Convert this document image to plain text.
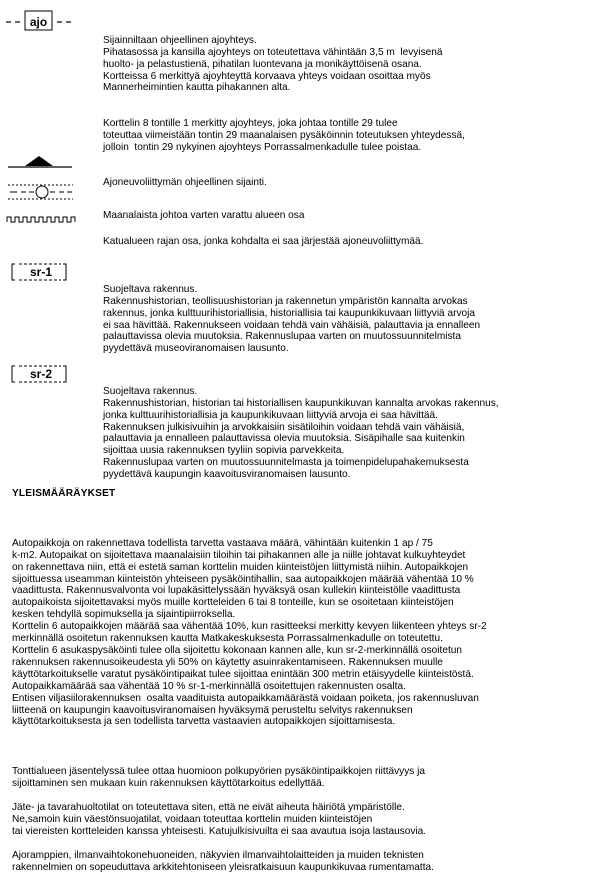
ajo
sr-1
sr-2

Sijainniltaan ohjeellinen ajoyhteys.
Pihatasossa ja kansilla ajoyhteys on toteutettava vähintään 3,5 m  levyisenä
huolto- ja pelastustienä, pihatilan luontevana ja monikäyttöisenä osana.
Kortteissa 6 merkittyä ajoyhteyttä korvaava yhteys voidaan osoittaa myös
Mannerheimintien kautta pihakannen alta.

Korttelin 8 tontille 1 merkitty ajoyhteys, joka johtaa tontille 29 tulee
toteuttaa viimeistään tontin 29 maanalaisen pysäköinnin toteutuksen yhteydessä,
jolloin  tontin 29 nykyinen ajoyhteys Porrassalmenkadulle tulee poistaa.

Ajoneuvoliittymän ohjeellinen sijainti.

Maanalaista johtoa varten varattu alueen osa

Katualueen rajan osa, jonka kohdalta ei saa järjestää ajoneuvoliittymää.

Suojeltava rakennus.
Rakennushistorian, teollisuushistorian ja rakennetun ympäristön kannalta arvokas
rakennus, jonka kulttuurihistoriallisia, historiallisia tai kaupunkikuvaan liittyviä arvoja
ei saa hävittää. Rakennukseen voidaan tehdä vain vähäisiä, palauttavia ja ennalleen
palauttavissa olevia muutoksia. Rakennuslupaa varten on muutossuunnitelmista
pyydettävä museoviranomaisen lausunto.

Suojeltava rakennus.
Rakennushistorian, historian tai historiallisen kaupunkikuvan kannalta arvokas rakennus,
jonka kulttuurihistoriallisia ja kaupunkikuvaan liittyviä arvoja ei saa hävittää.
Rakennuksen julkisivuihin ja arvokkaisiin sisätiloihin voidaan tehdä vain vähäisiä,
palauttavia ja ennalleen palauttavissa olevia muutoksia. Sisäpihalle saa kuitenkin
sijoittaa uusia rakennuksen tyyliin sopivia parvekkeita.
Rakennuslupaa varten on muutossuunnitelmasta ja toimenpidelupahakemuksesta
pyydettävä kaupungin kaavoitusviranomaisen lausunto.

YLEISMÄÄRÄYKSET

Autopaikkoja on rakennettava todellista tarvetta vastaava määrä, vähintään kuitenkin 1 ap / 75
k-m2. Autopaikat on sijoitettava maanalaisiin tiloihin tai pihakannen alle ja niille johtavat kulkuyhteydet
on rakennettava niin, että ei estetä saman korttelin muiden kiinteistöjen liittymistä niihin. Autopaikkojen
sijoittuessa useamman kiinteistön yhteiseen pysäköintihallin, saa autopaikkojen määrää vähentää 10 %
vaadittusta. Rakennusvalvonta voi lupakäsittelyssään hyväksyä osan kullekin kiinteistölle vaadittusta
autopaikoista sijoitettavaksi myös muille kortteleiden 6 tai 8 tonteille, kun se osoitetaan kiinteistöjen
kesken tehdyllä sopimuksella ja sijaintipiirroksella.
Korttelin 6 autopaikkojen määrää saa vähentää 10%, kun rasitteeksi merkitty kevyen liikenteen yhteys sr-2
merkinnällä osoitetun rakennuksen kautta Matkakeskuksesta Porrassalmenkadulle on toteutettu.
Korttelin 6 asukaspysäköinti tulee olla sijoitettu kokonaan kannen alle, kun sr-2-merkinnällä osoitetun
rakennuksen rakennusoikeudesta yli 50% on käytetty asuinrakentamiseen. Rakennuksen muulle
käyttötarkoitukselle varatut pysäköintipaikat tulee sijoittaa enintään 300 metrin etäisyydelle kiinteistöstä.
Autopaikkamäärää saa vähentää 10 % sr-1-merkinnällä osoitettujen rakennusten osalta.
Entisen viljasiilorakennuksen  osalta vaadituista autopaikkamäärästä voidaan poiketa, jos rakennusluvan
liitteenä on kaupungin kaavoitusviranomaisen hyväksymä perusteltu selvitys rakennuksen
käyttötarkoituksesta ja sen todellista tarvetta vastaavien autopaikkojen sijoittamisesta.

Tonttialueen jäsentelyssä tulee ottaa huomioon polkupyörien pysäköintipaikkojen riittävyys ja
sijoittaminen sen mukaan kuin rakennuksen käyttötarkoitus edellyttää.

Jäte- ja tavarahuoltotilat on toteutettava siten, että ne eivät aiheuta häiriötä ympäristölle.
Ne,samoin kuin väestönsuojatilat, voidaan toteuttaa korttelin muiden kiinteistöjen
tai viereisten kortteleiden kanssa yhteisesti. Katujulkisivuilta ei saa avautua isoja lastausovia.

Ajoramppien, ilmanvaihtokonehuoneiden, näkyvien ilmanvaihtolaitteiden ja muiden teknisten
rakennelmien on sopeuduttava arkkitehtoniseen yleisratkaisuun kaupunkikuvaa rumentamatta.
